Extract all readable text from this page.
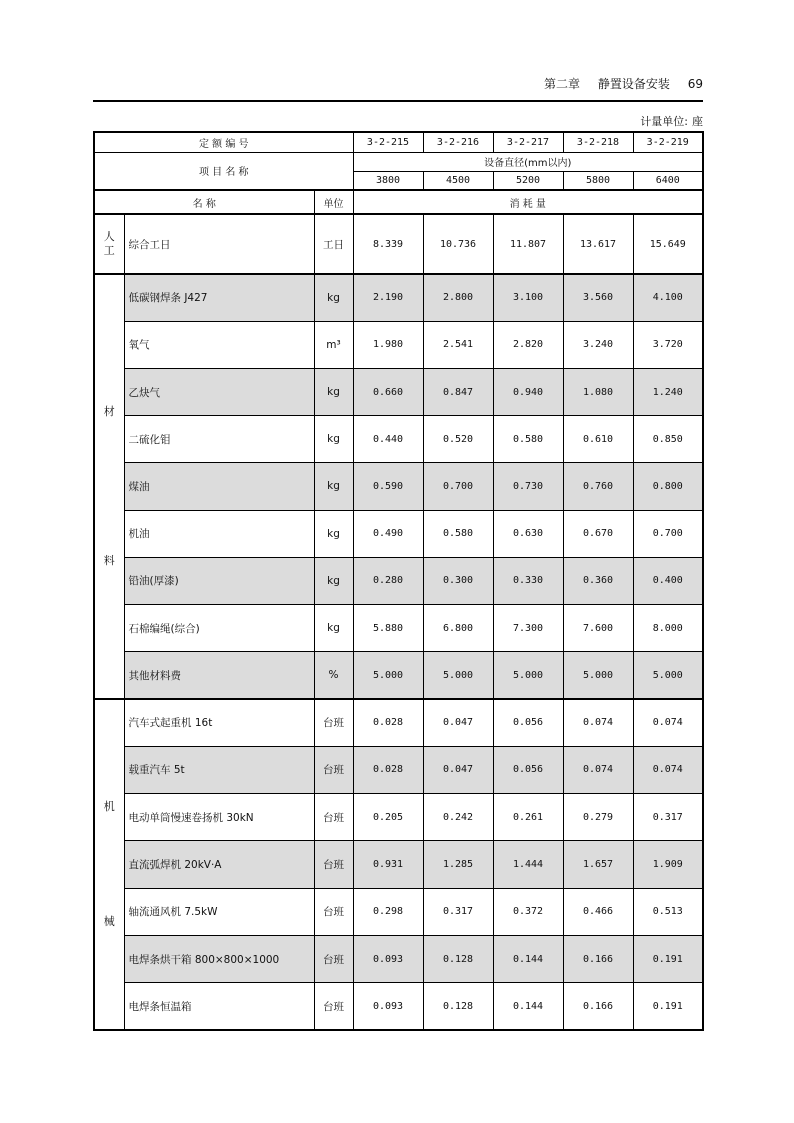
第二章 静置设备安装 69
计量单位: 座
定 额 编 号			3-2-215	3-2-216	3-2-217	3-2-218	3-2-219
项 目 名 称			设备直径(mm以内)				
			3800	4500	5200	5800	6400
名 称		单位	消 耗 量				

人
工	综合工日	工日	8.339	10.736	11.807	13.617	15.649

材
料	低碳钢焊条 J427	kg	2.190	2.800	3.100	3.560	4.100
	氧气	m³	1.980	2.541	2.820	3.240	3.720
	乙炔气	kg	0.660	0.847	0.940	1.080	1.240
	二硫化钼	kg	0.440	0.520	0.580	0.610	0.850
	煤油	kg	0.590	0.700	0.730	0.760	0.800
	机油	kg	0.490	0.580	0.630	0.670	0.700
	铅油(厚漆)	kg	0.280	0.300	0.330	0.360	0.400
	石棉编绳(综合)	kg	5.880	6.800	7.300	7.600	8.000
	其他材料费	%	5.000	5.000	5.000	5.000	5.000

机
械	汽车式起重机 16t	台班	0.028	0.047	0.056	0.074	0.074
	载重汽车 5t	台班	0.028	0.047	0.056	0.074	0.074
	电动单筒慢速卷扬机 30kN	台班	0.205	0.242	0.261	0.279	0.317
	直流弧焊机 20kV·A	台班	0.931	1.285	1.444	1.657	1.909
	轴流通风机 7.5kW	台班	0.298	0.317	0.372	0.466	0.513
	电焊条烘干箱 800×800×1000	台班	0.093	0.128	0.144	0.166	0.191
	电焊条恒温箱	台班	0.093	0.128	0.144	0.166	0.191
